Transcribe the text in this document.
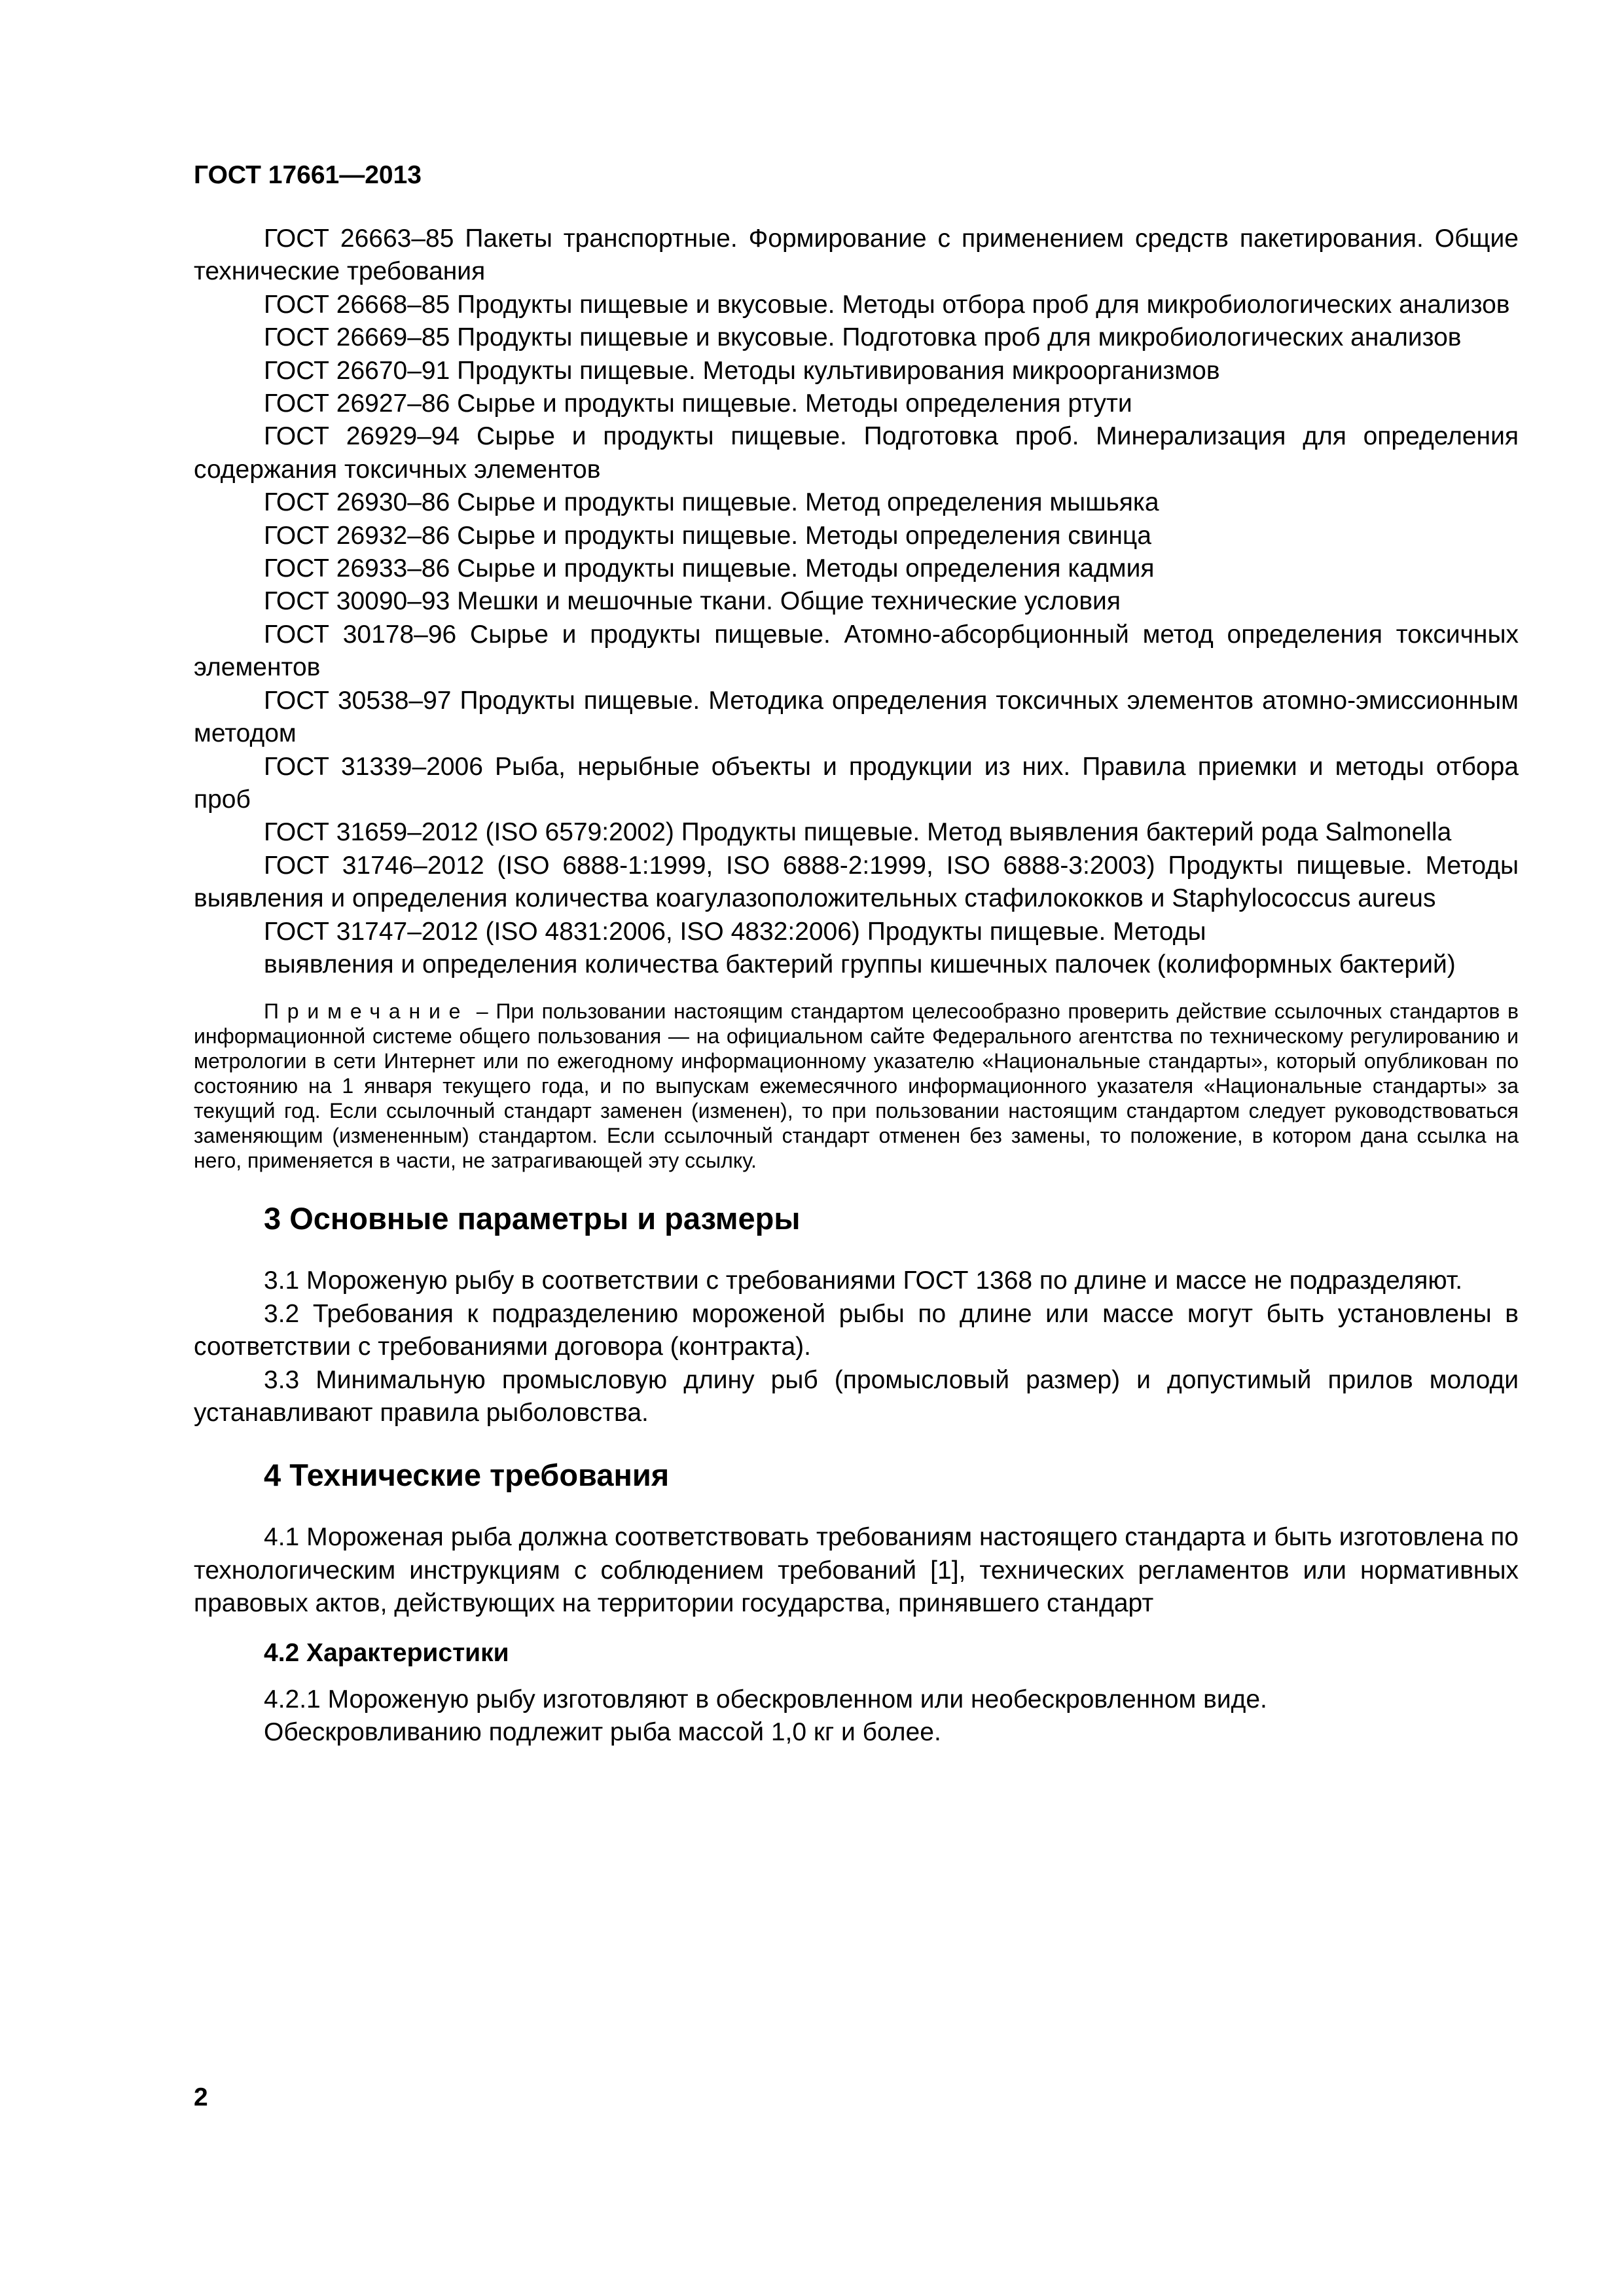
ГОСТ 17661—2013

ГОСТ 26663–85 Пакеты транспортные. Формирование с применением средств пакетирования. Общие технические требования

ГОСТ 26668–85 Продукты пищевые и вкусовые. Методы отбора проб для микробиологических анализов

ГОСТ 26669–85 Продукты пищевые и вкусовые. Подготовка проб для микробиологических анализов

ГОСТ 26670–91 Продукты пищевые. Методы культивирования микроорганизмов

ГОСТ 26927–86 Сырье и продукты пищевые. Методы определения ртути

ГОСТ 26929–94 Сырье и продукты пищевые. Подготовка проб. Минерализация для определения содержания токсичных элементов

ГОСТ 26930–86 Сырье и продукты пищевые. Метод определения мышьяка

ГОСТ 26932–86 Сырье и продукты пищевые. Методы определения свинца

ГОСТ 26933–86 Сырье и продукты пищевые. Методы определения кадмия

ГОСТ 30090–93 Мешки и мешочные ткани. Общие технические условия

ГОСТ 30178–96 Сырье и продукты пищевые. Атомно-абсорбционный метод определения токсичных элементов

ГОСТ 30538–97 Продукты пищевые. Методика определения токсичных элементов атомно-эмиссионным методом

ГОСТ 31339–2006 Рыба, нерыбные объекты и продукции из них. Правила приемки и методы отбора проб

ГОСТ 31659–2012 (ISO 6579:2002) Продукты пищевые. Метод выявления бактерий рода Salmonella

ГОСТ 31746–2012 (ISO 6888-1:1999, ISO 6888-2:1999, ISO 6888-3:2003) Продукты пищевые. Методы выявления и определения количества коагулазоположительных стафилококков и Staphylococcus aureus

ГОСТ 31747–2012 (ISO 4831:2006, ISO 4832:2006) Продукты пищевые. Методы

выявления и определения количества бактерий группы кишечных палочек (колиформных бактерий)

Примечание – При пользовании настоящим стандартом целесообразно проверить действие ссылочных стандартов в информационной системе общего пользования — на официальном сайте Федерального агентства по техническому регулированию и метрологии в сети Интернет или по ежегодному информационному указателю «Национальные стандарты», который опубликован по состоянию на 1 января текущего года, и по выпускам ежемесячного информационного указателя «Национальные стандарты» за текущий год. Если ссылочный стандарт заменен (изменен), то при пользовании настоящим стандартом следует руководствоваться заменяющим (измененным) стандартом. Если ссылочный стандарт отменен без замены, то положение, в котором дана ссылка на него, применяется в части, не затрагивающей эту ссылку.

3 Основные параметры и размеры

3.1 Мороженую рыбу в соответствии с требованиями ГОСТ 1368 по длине и массе не подразделяют.

3.2 Требования к подразделению мороженой рыбы по длине или массе могут быть установлены в соответствии с требованиями договора (контракта).

3.3 Минимальную промысловую длину рыб (промысловый размер) и допустимый прилов молоди устанавливают правила рыболовства.

4 Технические требования

4.1 Мороженая рыба должна соответствовать требованиям настоящего стандарта и быть изготовлена по технологическим инструкциям с соблюдением требований [1], технических регламентов или нормативных правовых актов, действующих на территории государства, принявшего стандарт

4.2 Характеристики

4.2.1 Мороженую рыбу изготовляют в обескровленном или необескровленном виде.

Обескровливанию подлежит рыба массой 1,0 кг и более.

2
